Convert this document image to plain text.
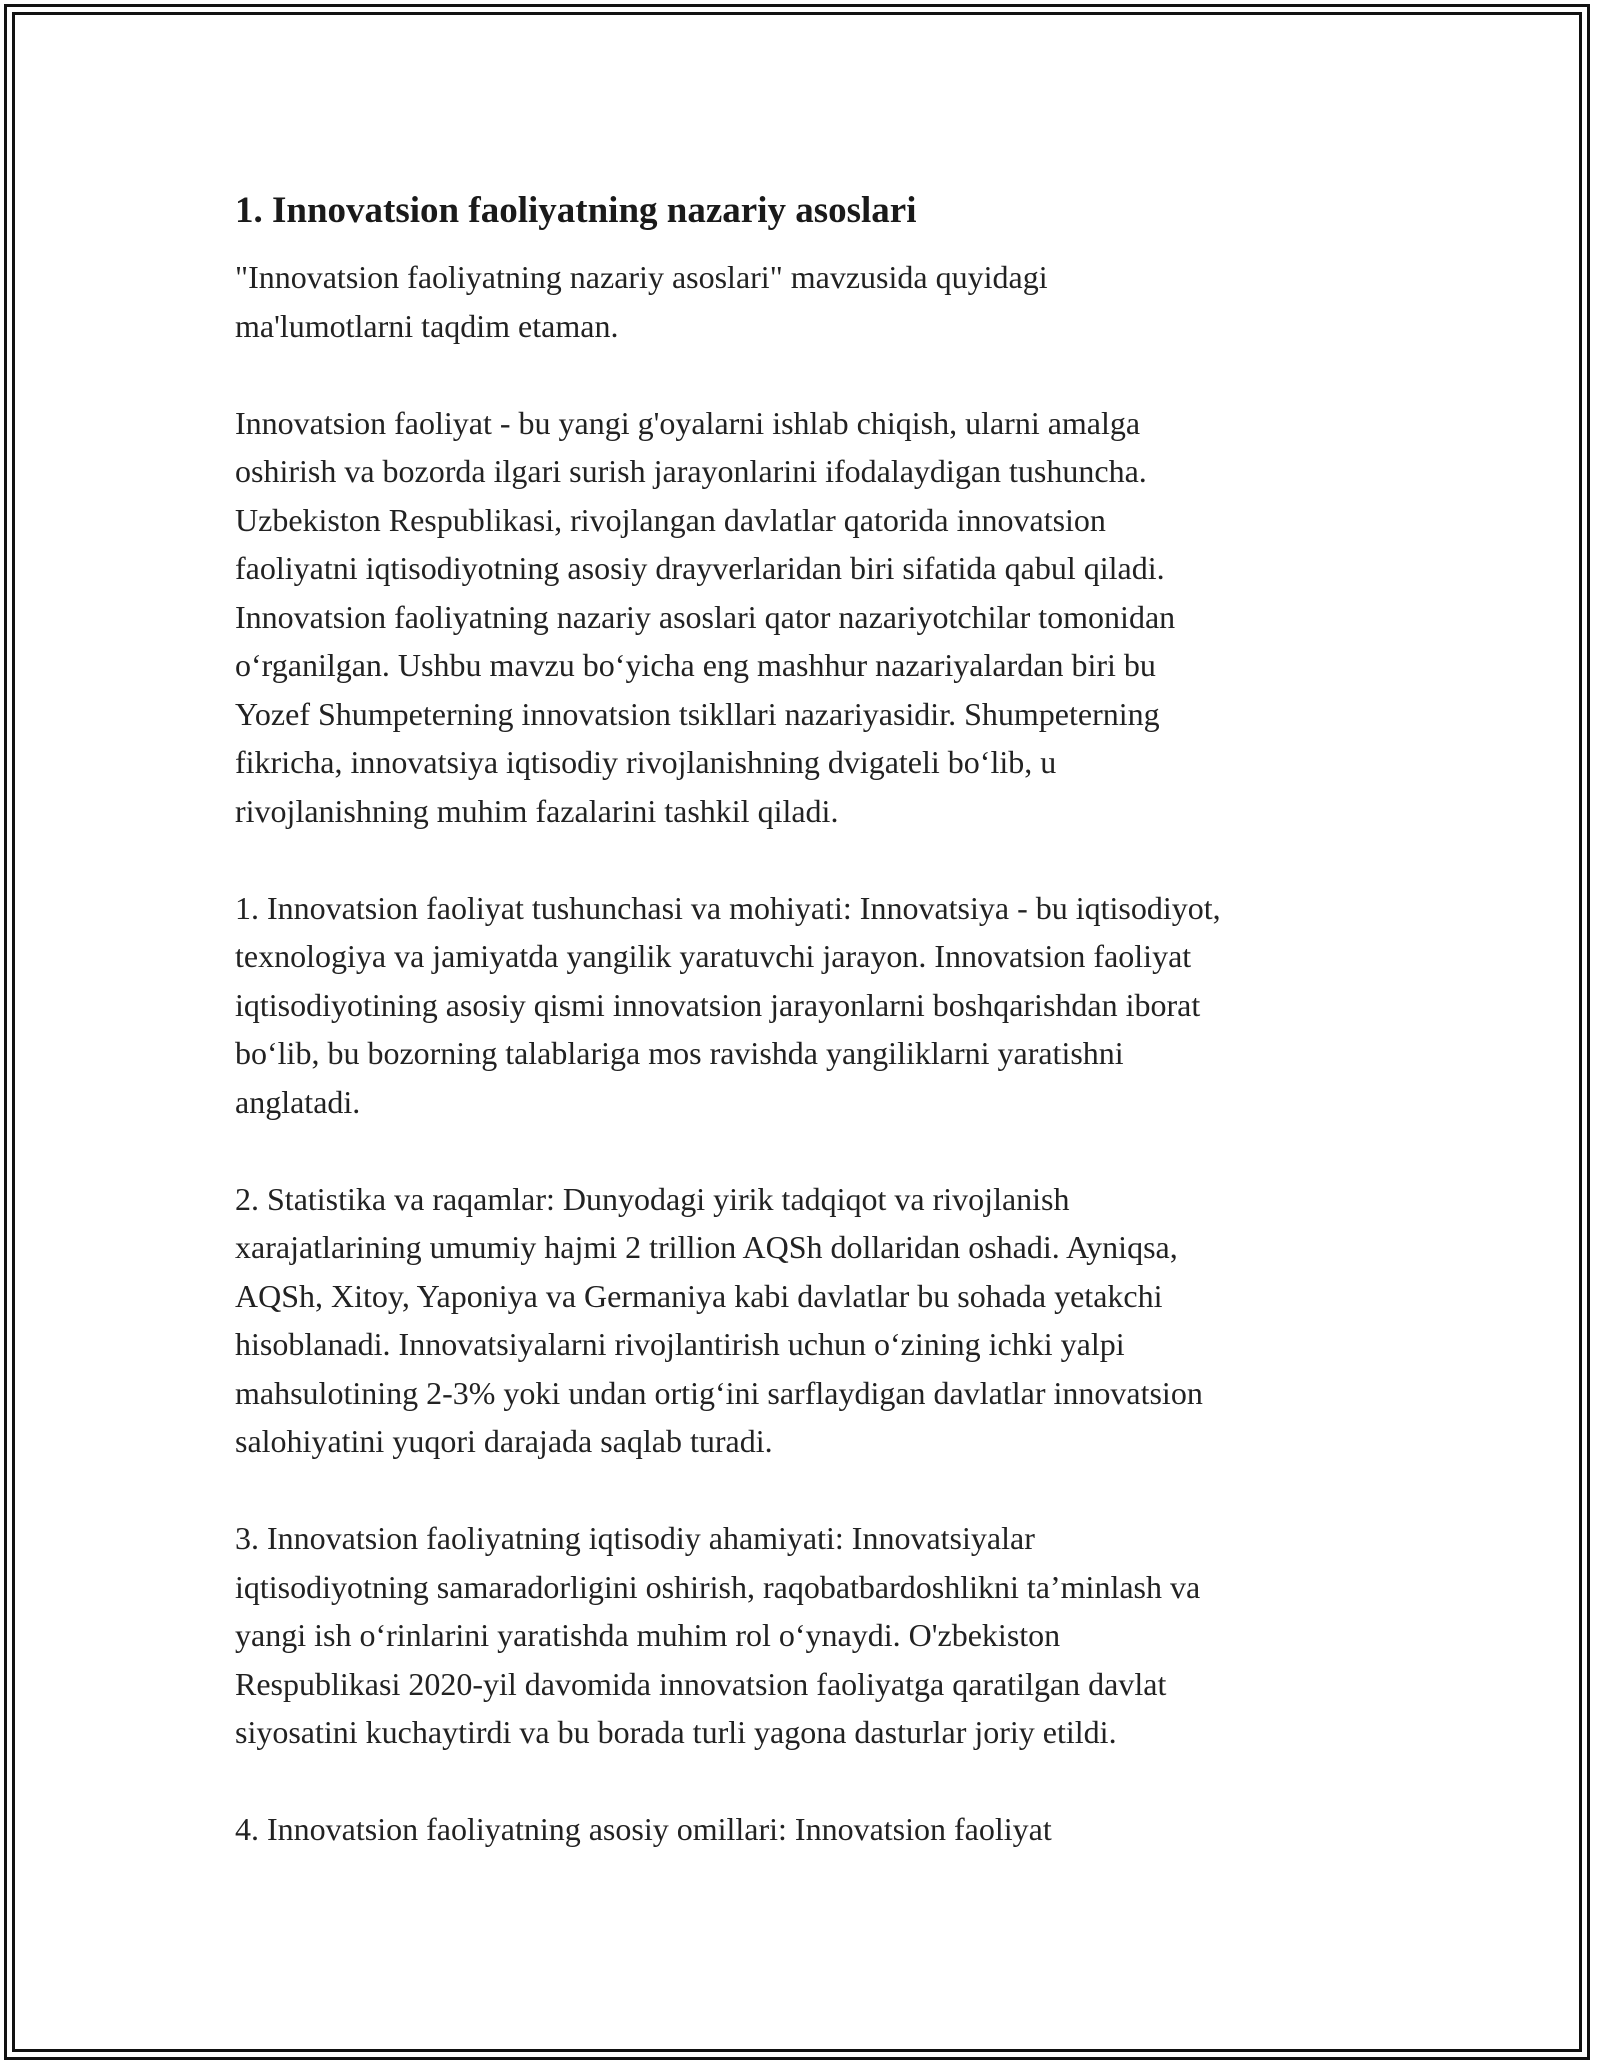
1. Innovatsion faoliyatning nazariy asoslari
"Innovatsion faoliyatning nazariy asoslari" mavzusida quyidagi
ma'lumotlarni taqdim etaman.
Innovatsion faoliyat - bu yangi g'oyalarni ishlab chiqish, ularni amalga
oshirish va bozorda ilgari surish jarayonlarini ifodalaydigan tushuncha.
Uzbekiston Respublikasi, rivojlangan davlatlar qatorida innovatsion
faoliyatni iqtisodiyotning asosiy drayverlaridan biri sifatida qabul qiladi.
Innovatsion faoliyatning nazariy asoslari qator nazariyotchilar tomonidan
o‘rganilgan. Ushbu mavzu bo‘yicha eng mashhur nazariyalardan biri bu
Yozef Shumpeterning innovatsion tsikllari nazariyasidir. Shumpeterning
fikricha, innovatsiya iqtisodiy rivojlanishning dvigateli bo‘lib, u
rivojlanishning muhim fazalarini tashkil qiladi.
1. Innovatsion faoliyat tushunchasi va mohiyati: Innovatsiya - bu iqtisodiyot,
texnologiya va jamiyatda yangilik yaratuvchi jarayon. Innovatsion faoliyat
iqtisodiyotining asosiy qismi innovatsion jarayonlarni boshqarishdan iborat
bo‘lib, bu bozorning talablariga mos ravishda yangiliklarni yaratishni
anglatadi.
2. Statistika va raqamlar: Dunyodagi yirik tadqiqot va rivojlanish
xarajatlarining umumiy hajmi 2 trillion AQSh dollaridan oshadi. Ayniqsa,
AQSh, Xitoy, Yaponiya va Germaniya kabi davlatlar bu sohada yetakchi
hisoblanadi. Innovatsiyalarni rivojlantirish uchun o‘zining ichki yalpi
mahsulotining 2-3% yoki undan ortig‘ini sarflaydigan davlatlar innovatsion
salohiyatini yuqori darajada saqlab turadi.
3. Innovatsion faoliyatning iqtisodiy ahamiyati: Innovatsiyalar
iqtisodiyotning samaradorligini oshirish, raqobatbardoshlikni ta’minlash va
yangi ish o‘rinlarini yaratishda muhim rol o‘ynaydi. O'zbekiston
Respublikasi 2020-yil davomida innovatsion faoliyatga qaratilgan davlat
siyosatini kuchaytirdi va bu borada turli yagona dasturlar joriy etildi.
4. Innovatsion faoliyatning asosiy omillari: Innovatsion faoliyat
